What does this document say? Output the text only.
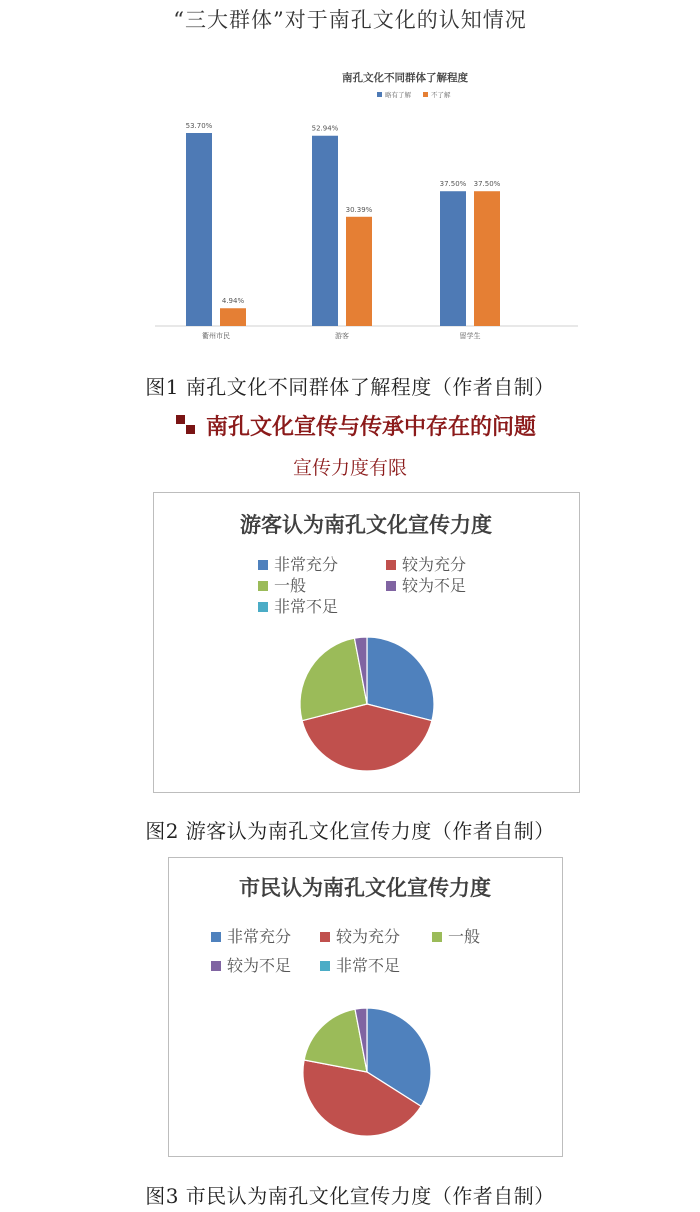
“三大群体”对于南孔文化的认知情况
南孔文化不同群体了解程度
略有了解	不了解
53.70%
4.94%
衢州市民
52.94%
30.39%
游客
37.50% 37.50%
留学生
图1 南孔文化不同群体了解程度（作者自制）
南孔文化宣传与传承中存在的问题
宣传力度有限
游客认为南孔文化宣传力度
非常充分	较为充分
一般	较为不足
非常不足
图2 游客认为南孔文化宣传力度（作者自制）
市民认为南孔文化宣传力度
非常充分	较为充分	一般
较为不足	非常不足
图3 市民认为南孔文化宣传力度（作者自制）
